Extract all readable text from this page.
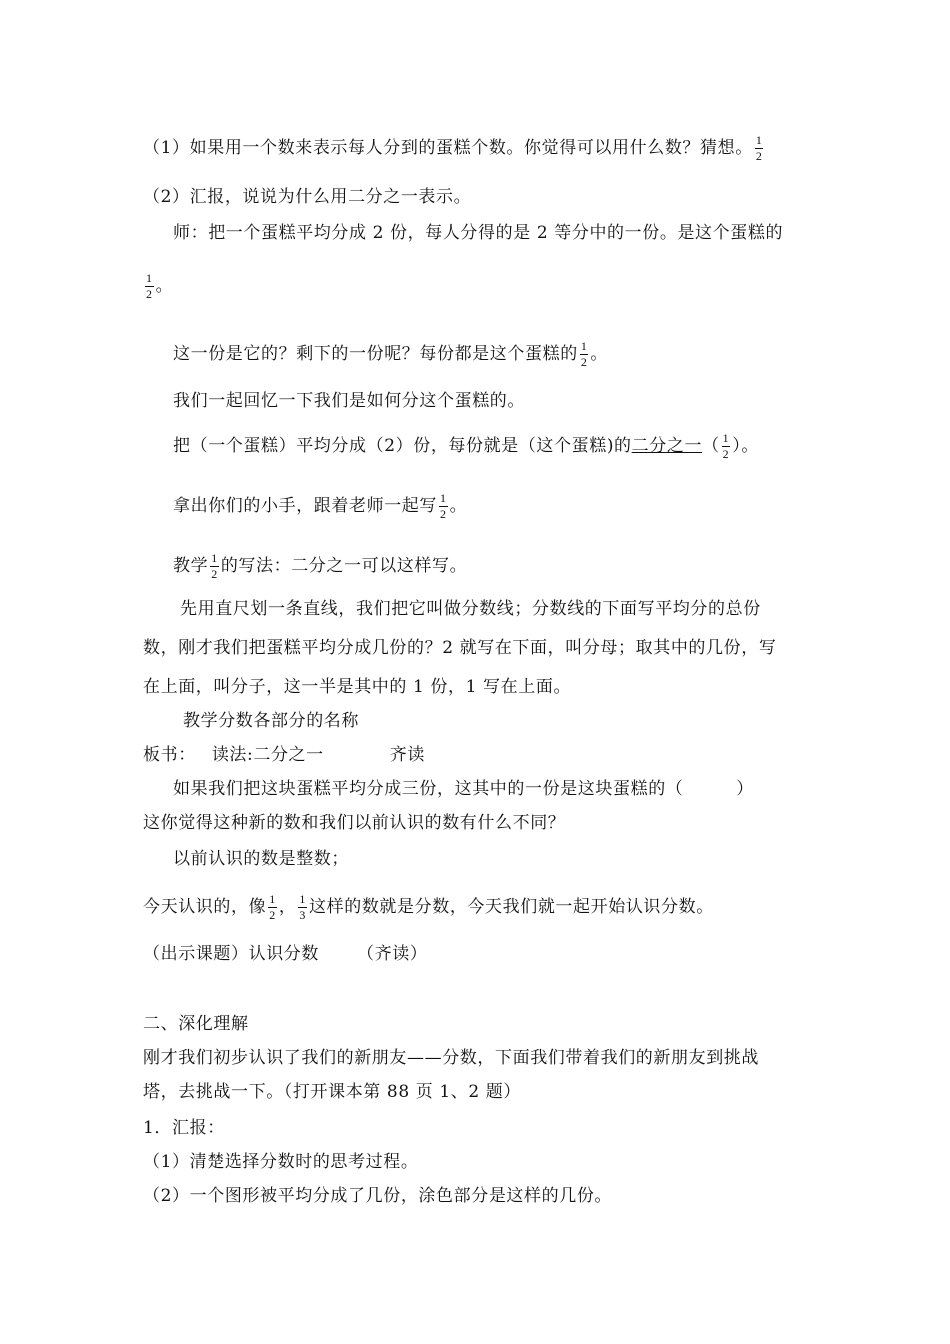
（1）如果用一个数来表示每人分到的蛋糕个数。你觉得可以用什么数？猜想。 $\frac{1}{2}$
（2）汇报，说说为什么用二分之一表示。
师：把一个蛋糕平均分成 2 份，每人分得的是 2 等分中的一份。是这个蛋糕的
$\frac{1}{2}$ 。
这一份是它的？剩下的一份呢？每份都是这个蛋糕的 $\frac{1}{2}$ 。
我们一起回忆一下我们是如何分这个蛋糕的。
把（一个蛋糕）平均分成（2）份，每份就是（这个蛋糕)的二分之一（ $\frac{1}{2}$ ）。
拿出你们的小手，跟着老师一起写 $\frac{1}{2}$ 。
教学 $\frac{1}{2}$ 的写法：二分之一可以这样写。
先用直尺划一条直线，我们把它叫做分数线；分数线的下面写平均分的总份
数，刚才我们把蛋糕平均分成几份的？2 就写在下面，叫分母；取其中的几份，写
在上面，叫分子，这一半是其中的 1 份，1 写在上面。
教学分数各部分的名称
板书： 读法:二分之一	齐读
如果我们把这块蛋糕平均分成三份，这其中的一份是这块蛋糕的（　　　）
这你觉得这种新的数和我们以前认识的数有什么不同？
以前认识的数是整数；
今天认识的，像 $\frac{1}{2}$ ， $\frac{1}{3}$ 这样的数就是分数，今天我们就一起开始认识分数。
（出示课题）认识分数 （齐读）
二、深化理解
刚才我们初步认识了我们的新朋友——分数，下面我们带着我们的新朋友到挑战
塔，去挑战一下。（打开课本第 88 页 1、2 题）
1．汇报：
（1）清楚选择分数时的思考过程。
（2）一个图形被平均分成了几份，涂色部分是这样的几份。
